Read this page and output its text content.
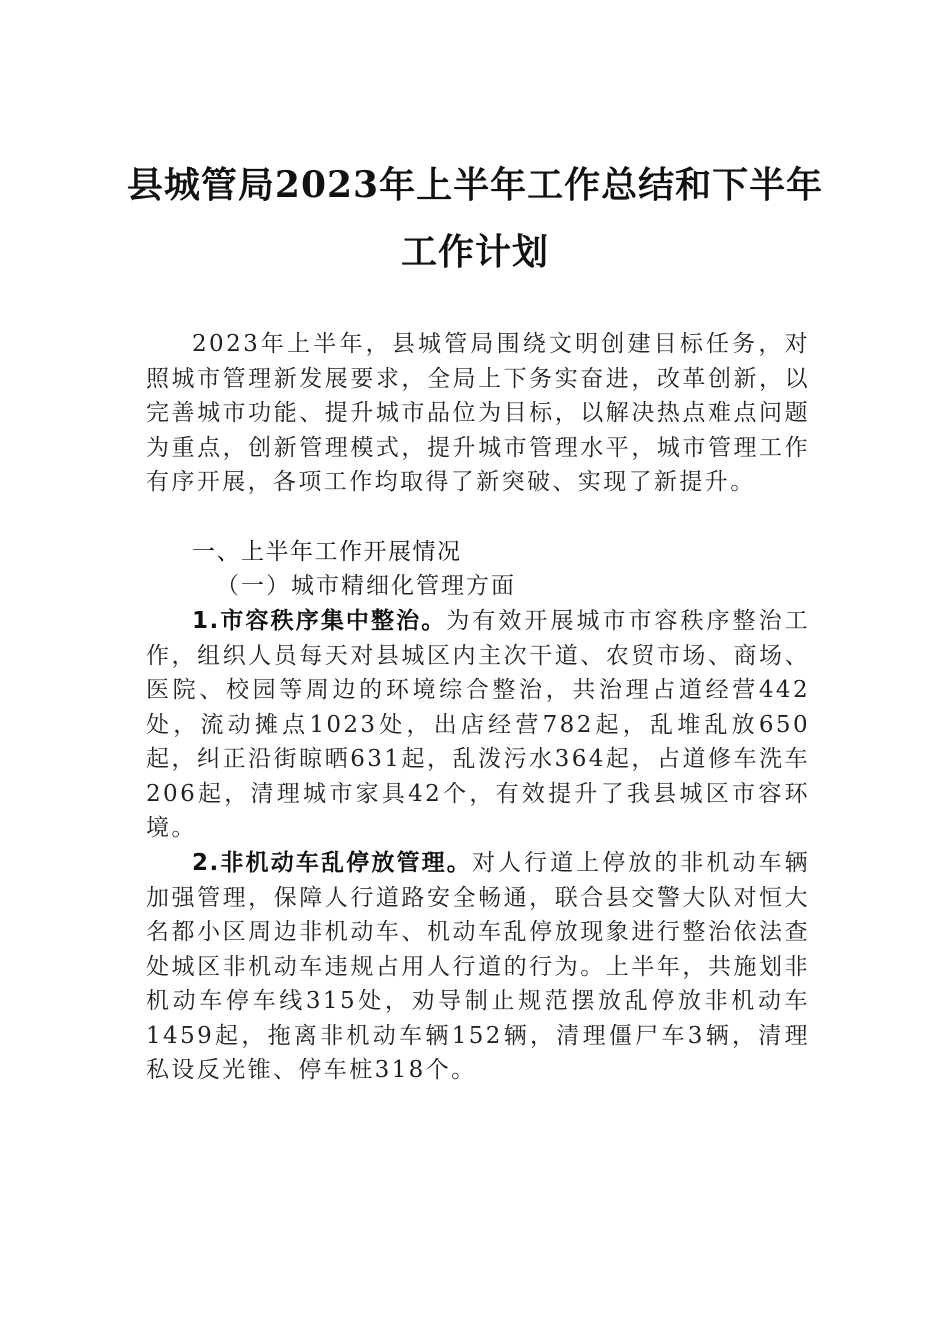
县城管局2023年上半年工作总结和下半年
工作计划

2023年上半年，县城管局围绕文明创建目标任务，对照城市管理新发展要求，全局上下务实奋进，改革创新，以完善城市功能、提升城市品位为目标，以解决热点难点问题为重点，创新管理模式，提升城市管理水平，城市管理工作有序开展，各项工作均取得了新突破、实现了新提升。

一、上半年工作开展情况
（一）城市精细化管理方面

1.市容秩序集中整治。为有效开展城市市容秩序整治工作，组织人员每天对县城区内主次干道、农贸市场、商场、医院、校园等周边的环境综合整治，共治理占道经营442处，流动摊点1023处，出店经营782起，乱堆乱放650起，纠正沿街晾晒631起，乱泼污水364起，占道修车洗车206起，清理城市家具42个，有效提升了我县城区市容环境。

2.非机动车乱停放管理。对人行道上停放的非机动车辆加强管理，保障人行道路安全畅通，联合县交警大队对恒大名都小区周边非机动车、机动车乱停放现象进行整治依法查处城区非机动车违规占用人行道的行为。上半年，共施划非机动车停车线315处，劝导制止规范摆放乱停放非机动车1459起，拖离非机动车辆152辆，清理僵尸车3辆，清理私设反光锥、停车桩318个。
